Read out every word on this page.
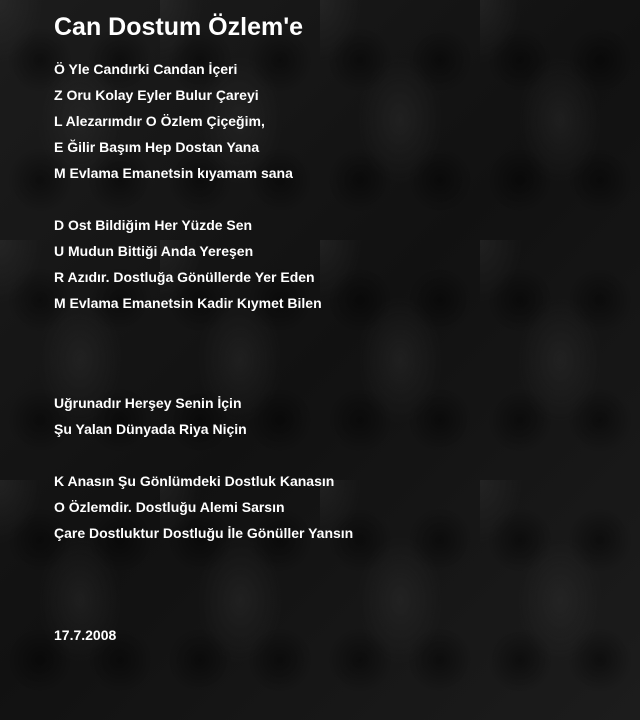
Can Dostum Özlem'e
Ö Yle Candırki Candan İçeri
Z Oru Kolay Eyler Bulur Çareyi
L Alezarımdır O Özlem Çiçeğim,
E Ğilir Başım Hep Dostan Yana
M Evlama Emanetsin kıyamam sana
D Ost Bildiğim Her Yüzde Sen
U Mudun Bittiği Anda Yereşen
R Azıdır. Dostluğa Gönüllerde Yer Eden
M Evlama Emanetsin Kadir Kıymet Bilen
Uğrunadır Herşey Senin İçin
Şu Yalan Dünyada Riya Niçin
K Anasın Şu Gönlümdeki Dostluk Kanasın
O Özlemdir. Dostluğu Alemi Sarsın
Çare Dostluktur Dostluğu İle Gönüller Yansın
17.7.2008
